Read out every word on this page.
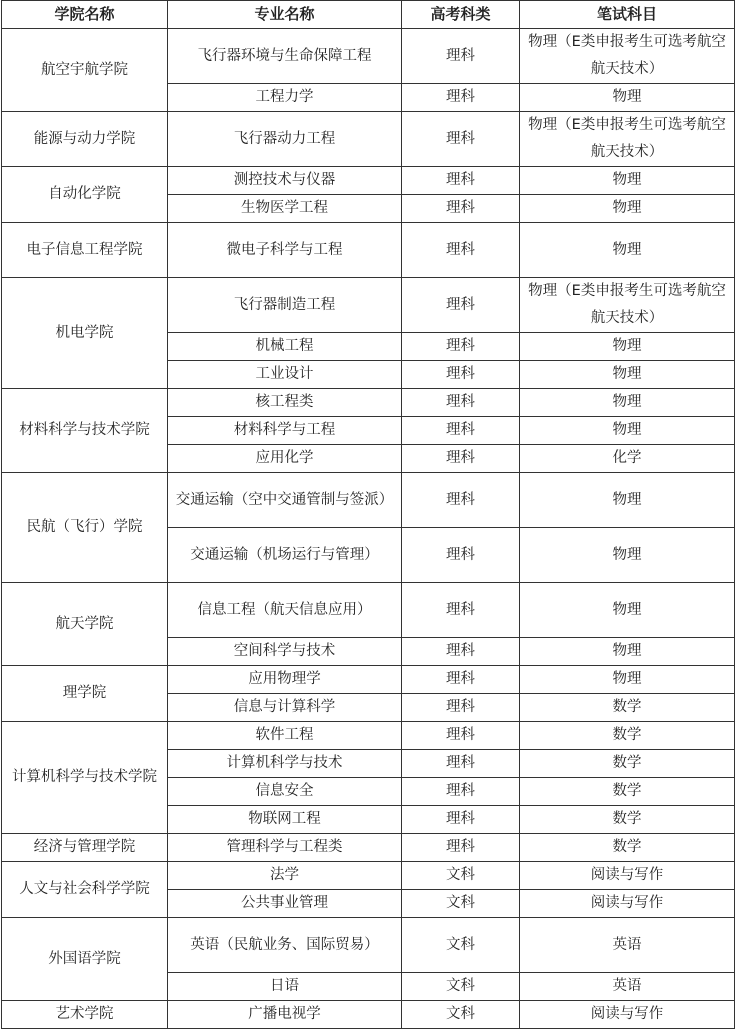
学院名称	专业名称	高考科类	笔试科目
航空宇航学院	飞行器环境与生命保障工程	理科	物理（E类申报考生可选考航空航天技术）
	工程力学	理科	物理
能源与动力学院	飞行器动力工程	理科	物理（E类申报考生可选考航空航天技术）
自动化学院	测控技术与仪器	理科	物理
	生物医学工程	理科	物理
电子信息工程学院	微电子科学与工程	理科	物理
机电学院	飞行器制造工程	理科	物理（E类申报考生可选考航空航天技术）
	机械工程	理科	物理
	工业设计	理科	物理
材料科学与技术学院	核工程类	理科	物理
	材料科学与工程	理科	物理
	应用化学	理科	化学
民航（飞行）学院	交通运输（空中交通管制与签派）	理科	物理
	交通运输（机场运行与管理）	理科	物理
航天学院	信息工程（航天信息应用）	理科	物理
	空间科学与技术	理科	物理
理学院	应用物理学	理科	物理
	信息与计算科学	理科	数学
计算机科学与技术学院	软件工程	理科	数学
	计算机科学与技术	理科	数学
	信息安全	理科	数学
	物联网工程	理科	数学
经济与管理学院	管理科学与工程类	理科	数学
人文与社会科学学院	法学	文科	阅读与写作
	公共事业管理	文科	阅读与写作
外国语学院	英语（民航业务、国际贸易）	文科	英语
	日语	文科	英语
艺术学院	广播电视学	文科	阅读与写作
